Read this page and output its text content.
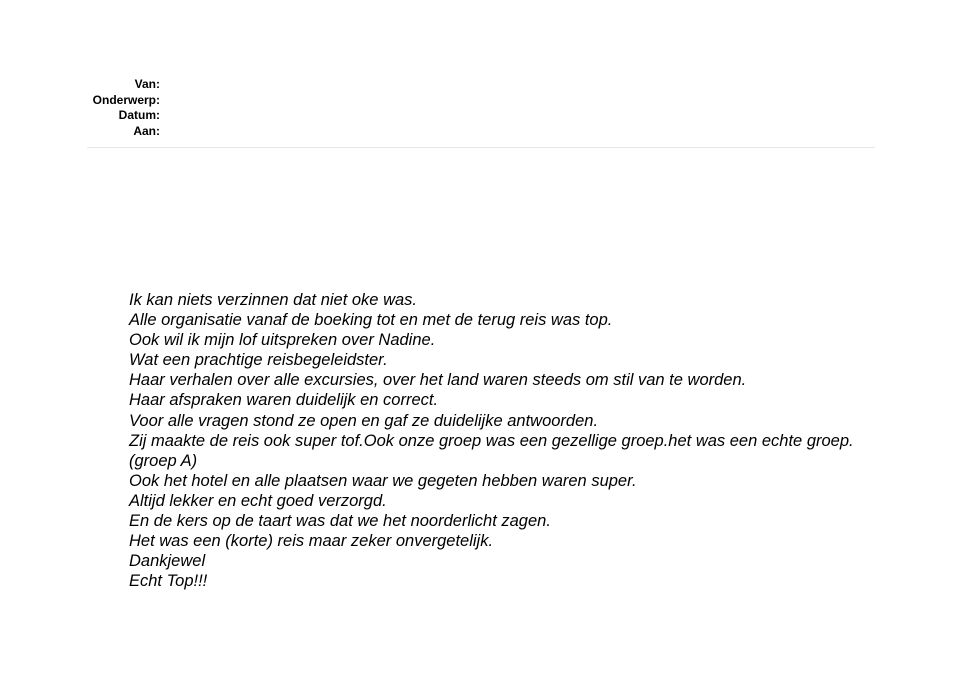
Van:
Onderwerp:
Datum:
Aan:
Ik kan niets verzinnen dat niet oke was.
Alle organisatie vanaf de boeking tot en met de terug reis was top.
Ook wil ik mijn lof uitspreken over Nadine.
Wat een prachtige reisbegeleidster.
Haar verhalen over alle excursies, over het land waren steeds om stil van te worden.
Haar afspraken waren duidelijk en correct.
Voor alle vragen stond ze open en gaf ze duidelijke antwoorden.
Zij maakte de reis ook super tof.Ook onze groep was een gezellige groep.het was een echte groep.(groep A)
Ook het hotel en alle plaatsen waar we gegeten hebben waren super.
Altijd lekker en echt goed verzorgd.
En de kers op de taart was dat we het noorderlicht zagen.
Het was een (korte) reis maar zeker onvergetelijk.
Dankjewel
Echt Top!!!
